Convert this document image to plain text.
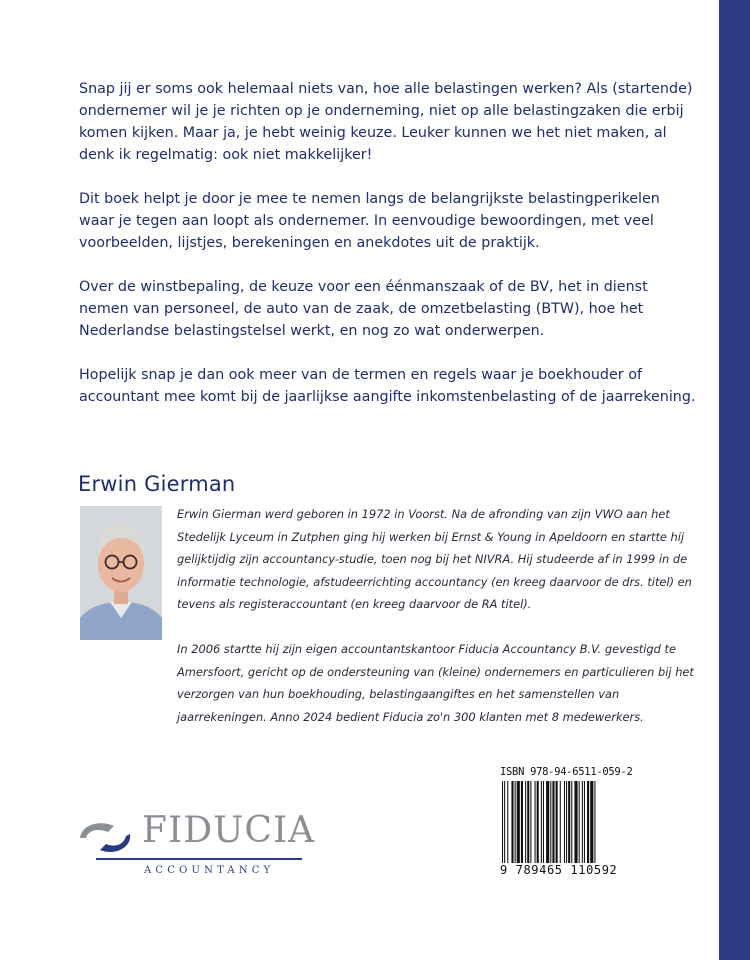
Snap jij er soms ook helemaal niets van, hoe alle belastingen werken? Als (startende) ondernemer wil je je richten op je onderneming, niet op alle belastingzaken die erbij komen kijken. Maar ja, je hebt weinig keuze. Leuker kunnen we het niet maken, al denk ik regelmatig: ook niet makkelijker!

Dit boek helpt je door je mee te nemen langs de belangrijkste belastingperikelen waar je tegen aan loopt als ondernemer. In eenvoudige bewoordingen, met veel voorbeelden, lijstjes, berekeningen en anekdotes uit de praktijk.

Over de winstbepaling, de keuze voor een éénmanszaak of de BV, het in dienst nemen van personeel, de auto van de zaak, de omzetbelasting (BTW), hoe het Nederlandse belastingstelsel werkt, en nog zo wat onderwerpen.

Hopelijk snap je dan ook meer van de termen en regels waar je boekhouder of accountant mee komt bij de jaarlijkse aangifte inkomstenbelasting of de jaarrekening.

Erwin Gierman

Erwin Gierman werd geboren in 1972 in Voorst. Na de afronding van zijn VWO aan het Stedelijk Lyceum in Zutphen ging hij werken bij Ernst & Young in Apeldoorn en startte hij gelijktijdig zijn accountancy-studie, toen nog bij het NIVRA. Hij studeerde af in 1999 in de informatie technologie, afstudeerrichting accountancy (en kreeg daarvoor de drs. titel) en tevens als registeraccountant (en kreeg daarvoor de RA titel).

In 2006 startte hij zijn eigen accountantskantoor Fiducia Accountancy B.V. gevestigd te Amersfoort, gericht op de ondersteuning van (kleine) ondernemers en particulieren bij het verzorgen van hun boekhouding, belastingaangiftes en het samenstellen van jaarrekeningen. Anno 2024 bedient Fiducia zo'n 300 klanten met 8 medewerkers.

FIDUCIA
ACCOUNTANCY
ISBN 978-94-6511-059-2
9 789465 110592
